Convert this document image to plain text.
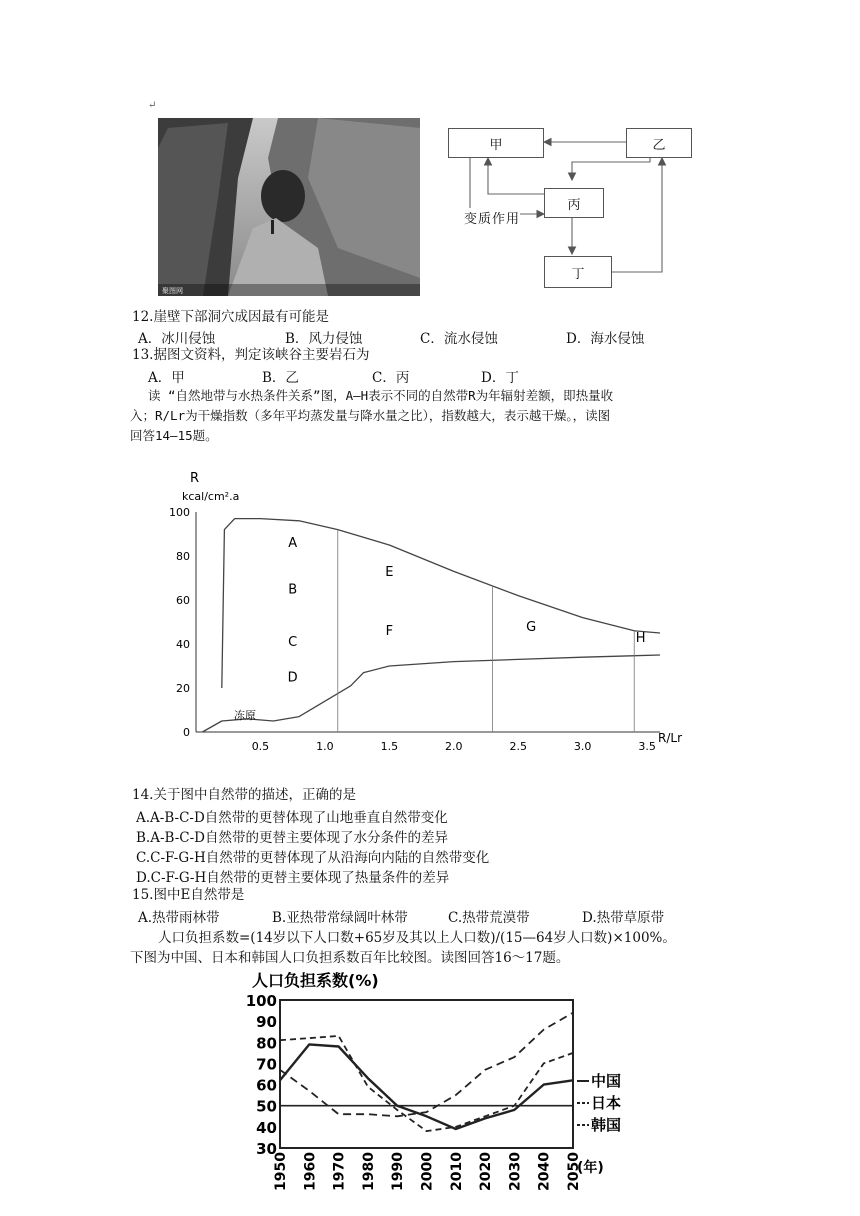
↵
聚图网
甲	乙
丙
丁
变质作用
12.崖壁下部洞穴成因最有可能是
A．冰川侵蚀	B．风力侵蚀	C．流水侵蚀	D．海水侵蚀
13.据图文资料，判定该峡谷主要岩石为
A．甲	B．乙	C．丙	D．丁
读 “自然地带与水热条件关系”图，A—H表示不同的自然带R为年辐射差额，即热量收
入；R/Lr为干燥指数（多年平均蒸发量与降水量之比），指数越大，表示越干燥。，读图
回答14—15题。
R
kcal/cm².a
0.5	1.0	1.5	2.0	2.5	3.0	3.5
0
20
40
60
80
100
R/Lr
A
B
C
D
E
F	G
H
冻原
14.关于图中自然带的描述，正确的是
A.A-B-C-D自然带的更替体现了山地垂直自然带变化
B.A-B-C-D自然带的更替主要体现了水分条件的差异
C.C-F-G-H自然带的更替体现了从沿海向内陆的自然带变化
D.C-F-G-H自然带的更替主要体现了热量条件的差异
15.图中E自然带是
A.热带雨林带	B.亚热带常绿阔叶林带	C.热带荒漠带	D.热带草原带
人口负担系数=(14岁以下人口数+65岁及其以上人口数)/(15—64岁人口数)×100%。
下图为中国、日本和韩国人口负担系数百年比较图。读图回答16～17题。
人口负担系数(%)
100
90
80
70
60
50
40
30
1950 1960 1970 1980 1990 2000 2010 2020 2030 2040 2050
(年)
中国
日本
韩国
